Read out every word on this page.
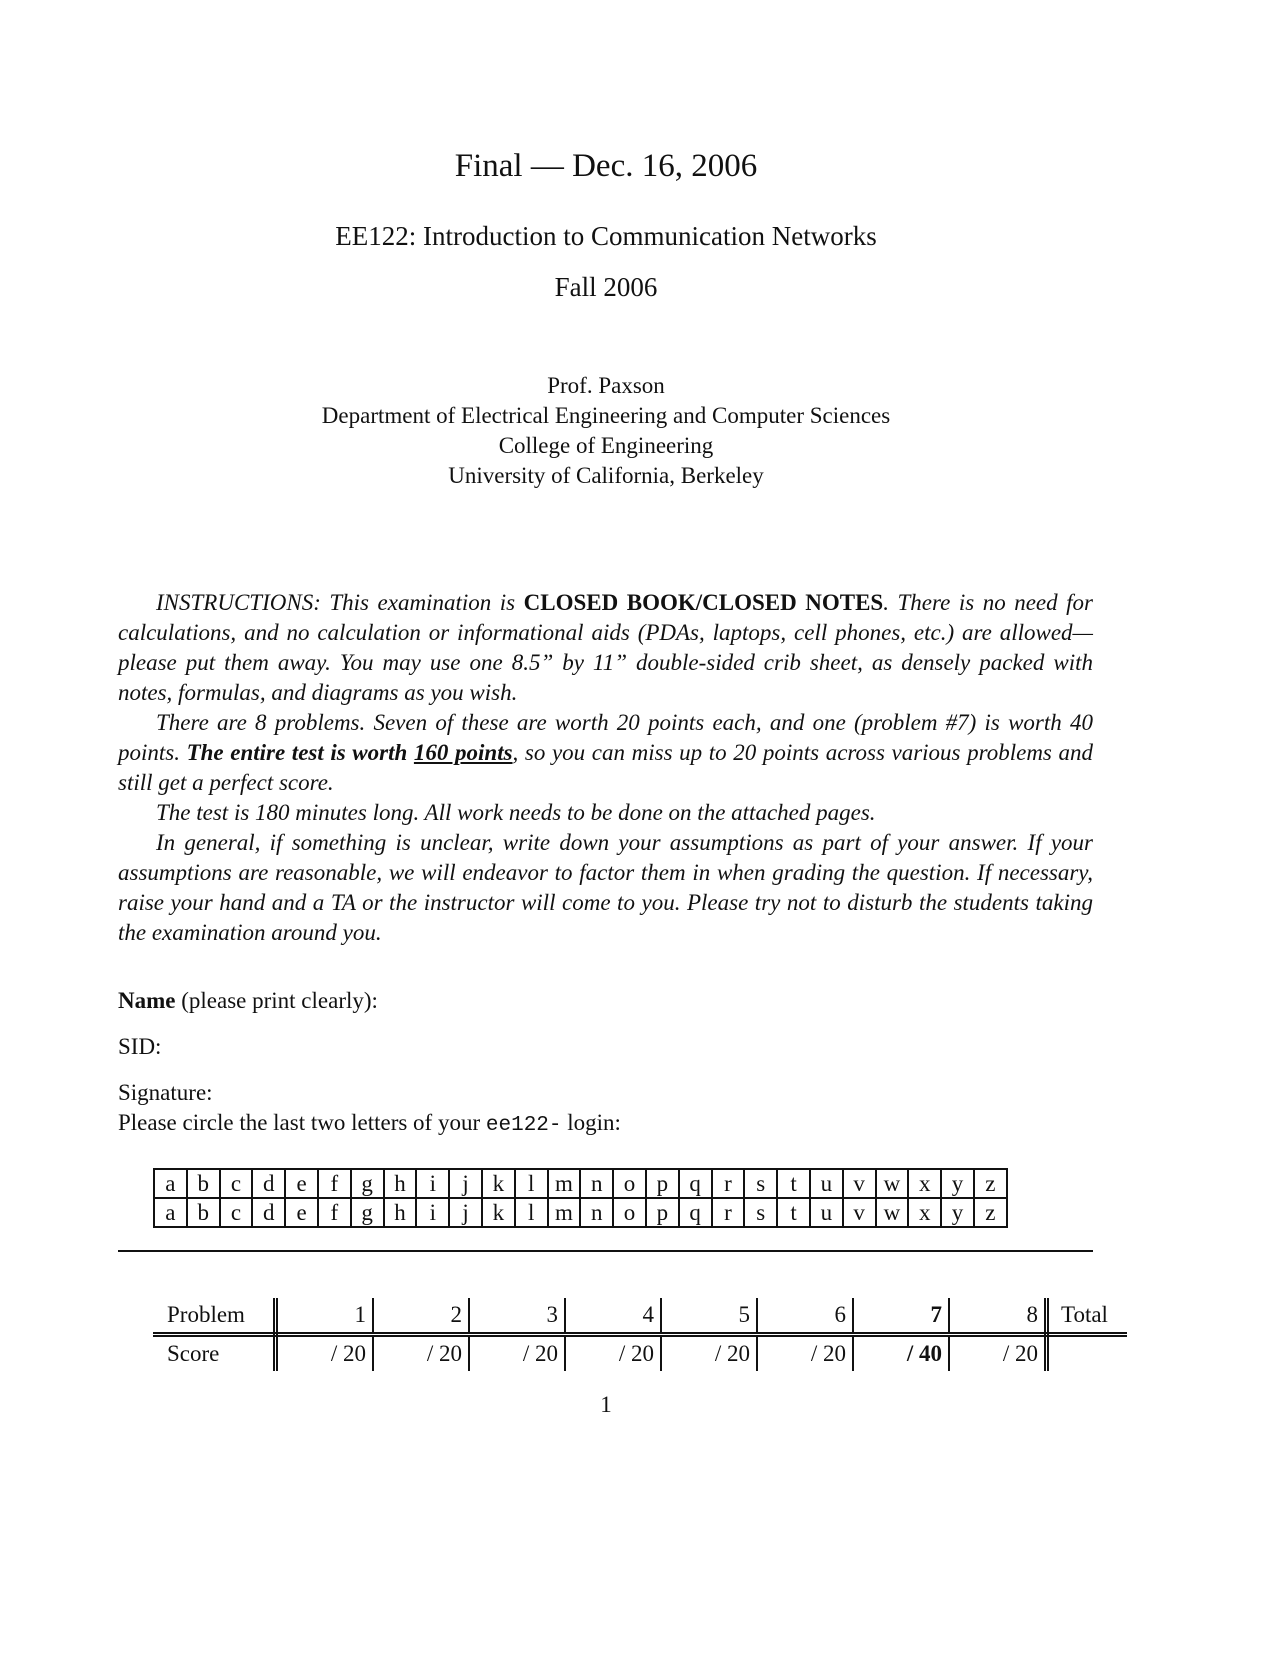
Final — Dec. 16, 2006
EE122: Introduction to Communication Networks
Fall 2006
Prof. Paxson
Department of Electrical Engineering and Computer Sciences
College of Engineering
University of California, Berkeley

INSTRUCTIONS: This examination is CLOSED BOOK/CLOSED NOTES. There is no need for calculations, and no calculation or informational aids (PDAs, laptops, cell phones, etc.) are allowed—please put them away. You may use one 8.5” by 11” double-sided crib sheet, as densely packed with notes, formulas, and diagrams as you wish.

There are 8 problems. Seven of these are worth 20 points each, and one (problem #7) is worth 40 points. The entire test is worth 160 points, so you can miss up to 20 points across various problems and still get a perfect score.

The test is 180 minutes long. All work needs to be done on the attached pages.

In general, if something is unclear, write down your assumptions as part of your answer. If your assumptions are reasonable, we will endeavor to factor them in when grading the question. If necessary, raise your hand and a TA or the instructor will come to you. Please try not to disturb the students taking the examination around you.

Name (please print clearly):
SID:
Signature:
Please circle the last two letters of your ee122- login:
a	b	c	d	e	f	g	h	i	j	k	l	m	n	o	p	q	r	s	t	u	v	w	x	y	z
a	b	c	d	e	f	g	h	i	j	k	l	m	n	o	p	q	r	s	t	u	v	w	x	y	z
Problem	1	2	3	4	5	6	7	8	Total
Score	/ 20	/ 20	/ 20	/ 20	/ 20	/ 20	/ 40	/ 20	
1
